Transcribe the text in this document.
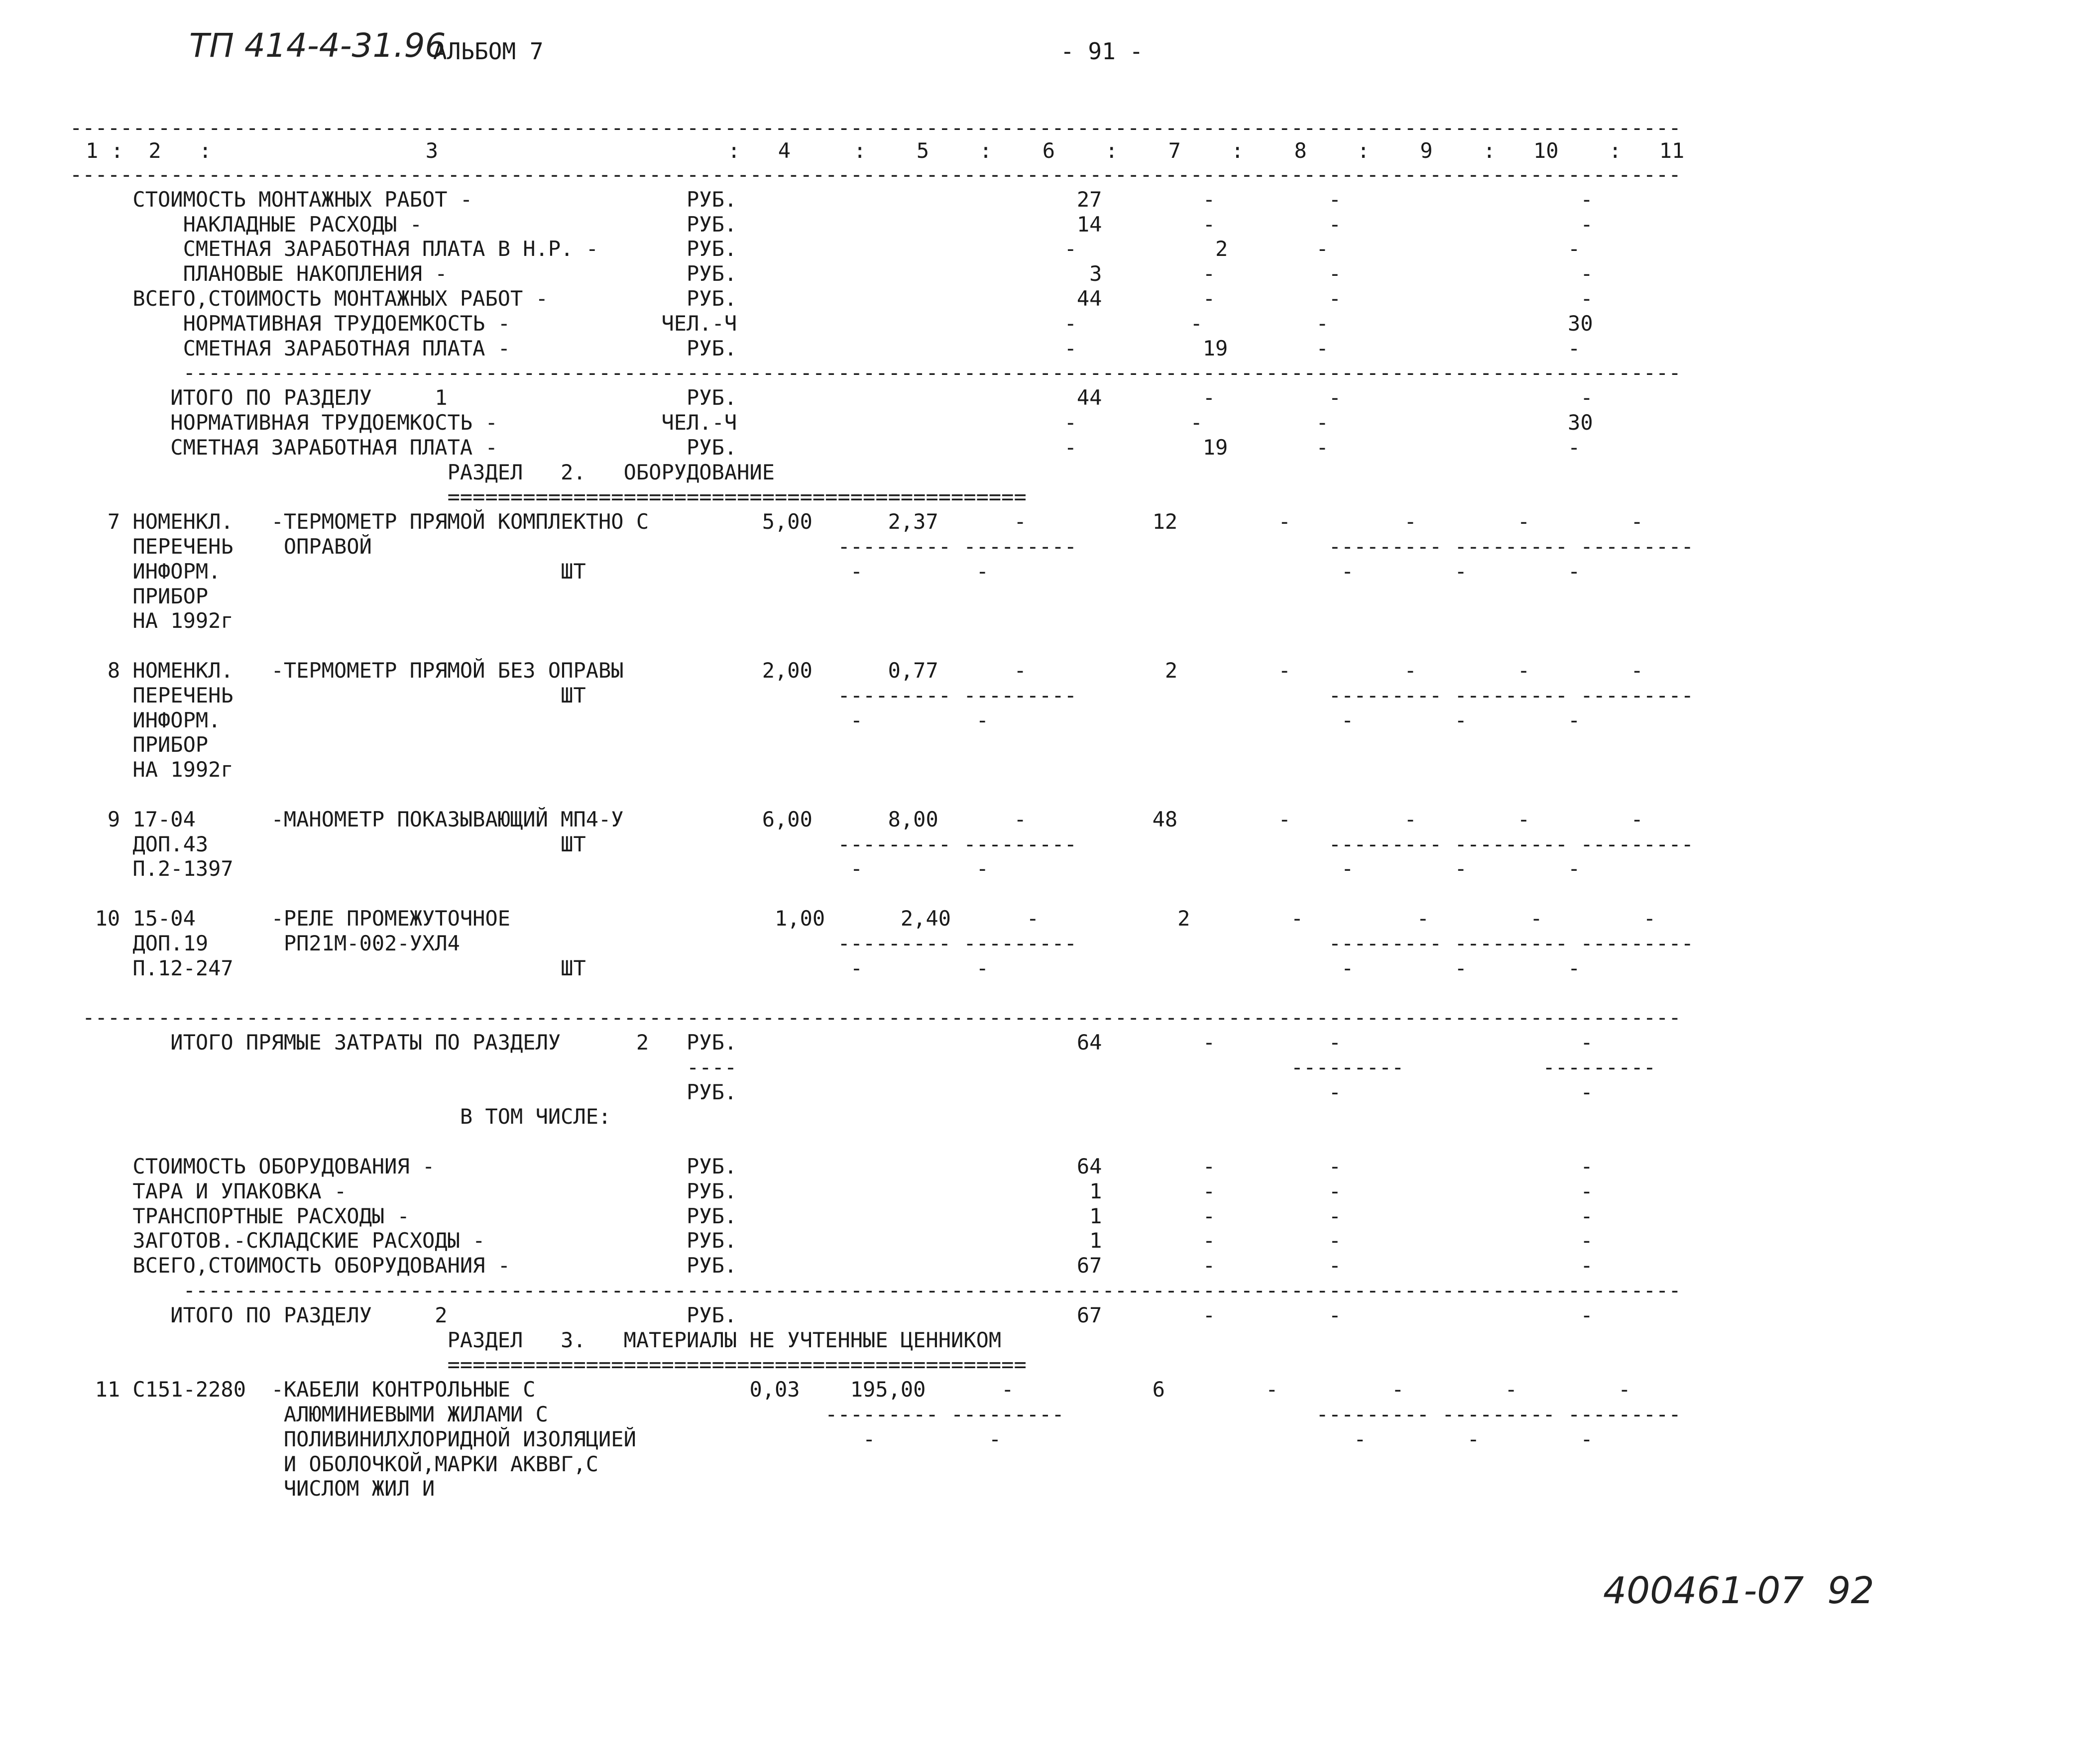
ТП 414-4-31.96
АЛЬБОМ 7	- 91 -
--------------------------------------------------------------------------------------------------------------------------------
1 :  2   :                 3                       :   4     :    5    :    6    :    7    :    8    :    9    :   10    :   11
--------------------------------------------------------------------------------------------------------------------------------
СТОИМОСТЬ МОНТАЖНЫХ РАБОТ -                 РУБ.                           27        -         -                   -
НАКЛАДНЫЕ РАСХОДЫ -                     РУБ.                           14        -         -                   -
СМЕТНАЯ ЗАРАБОТНАЯ ПЛАТА В Н.Р. -       РУБ.                          -           2       -                   -
ПЛАНОВЫЕ НАКОПЛЕНИЯ -                   РУБ.                            3        -         -                   -
ВСЕГО,СТОИМОСТЬ МОНТАЖНЫХ РАБОТ -           РУБ.                           44        -         -                   -
НОРМАТИВНАЯ ТРУДОЕМКОСТЬ -            ЧЕЛ.-Ч                          -         -         -                   30
СМЕТНАЯ ЗАРАБОТНАЯ ПЛАТА -              РУБ.                          -          19       -                   -
-----------------------------------------------------------------------------------------------------------------------
ИТОГО ПО РАЗДЕЛУ     1                   РУБ.                           44        -         -                   -
НОРМАТИВНАЯ ТРУДОЕМКОСТЬ -             ЧЕЛ.-Ч                          -         -         -                   30
СМЕТНАЯ ЗАРАБОТНАЯ ПЛАТА -               РУБ.                          -          19       -                   -
РАЗДЕЛ   2.   ОБОРУДОВАНИЕ
==============================================
7 НОМЕНКЛ.   -ТЕРМОМЕТР ПРЯМОЙ КОМПЛЕКТНО С         5,00      2,37      -          12        -         -        -        -
ПЕРЕЧЕНЬ    ОПРАВОЙ                                     --------- ---------                    --------- --------- ---------
ИНФОРМ.                           ШТ                     -         -                            -        -        -
ПРИБОР
НА 1992г
8 НОМЕНКЛ.   -ТЕРМОМЕТР ПРЯМОЙ БЕЗ ОПРАВЫ           2,00      0,77      -           2        -         -        -        -
ПЕРЕЧЕНЬ                          ШТ                    --------- ---------                    --------- --------- ---------
ИНФОРМ.                                                  -         -                            -        -        -
ПРИБОР
НА 1992г
9 17-04      -МАНОМЕТР ПОКАЗЫВАЮЩИЙ МП4-У           6,00      8,00      -          48        -         -        -        -
ДОП.43                            ШТ                    --------- ---------                    --------- --------- ---------
П.2-1397                                                 -         -                            -        -        -
10 15-04      -РЕЛЕ ПРОМЕЖУТОЧНОЕ                     1,00      2,40      -           2        -         -        -        -
ДОП.19      РП21М-002-УХЛ4                              --------- ---------                    --------- --------- ---------
П.12-247                          ШТ                     -         -                            -        -        -
-------------------------------------------------------------------------------------------------------------------------------
ИТОГО ПРЯМЫЕ ЗАТРАТЫ ПО РАЗДЕЛУ      2   РУБ.                           64        -         -                   -
----                                            ---------           ---------
РУБ.                                               -                   -
В ТОМ ЧИСЛЕ:
СТОИМОСТЬ ОБОРУДОВАНИЯ -                    РУБ.                           64        -         -                   -
ТАРА И УПАКОВКА -                           РУБ.                            1        -         -                   -
ТРАНСПОРТНЫЕ РАСХОДЫ -                      РУБ.                            1        -         -                   -
ЗАГОТОВ.-СКЛАДСКИЕ РАСХОДЫ -                РУБ.                            1        -         -                   -
ВСЕГО,СТОИМОСТЬ ОБОРУДОВАНИЯ -              РУБ.                           67        -         -                   -
-----------------------------------------------------------------------------------------------------------------------
ИТОГО ПО РАЗДЕЛУ     2                   РУБ.                           67        -         -                   -
РАЗДЕЛ   3.   МАТЕРИАЛЫ НЕ УЧТЕННЫЕ ЦЕННИКОМ
==============================================
11 С151-2280  -КАБЕЛИ КОНТРОЛЬНЫЕ С                 0,03    195,00      -           6        -         -        -        -
АЛЮМИНИЕВЫМИ ЖИЛАМИ С                      --------- ---------                    --------- --------- ---------
ПОЛИВИНИЛХЛОРИДНОЙ ИЗОЛЯЦИЕЙ                  -         -                            -        -        -
И ОБОЛОЧКОЙ,МАРКИ АКВВГ,С
ЧИСЛОМ ЖИЛ И
400461-07  92
